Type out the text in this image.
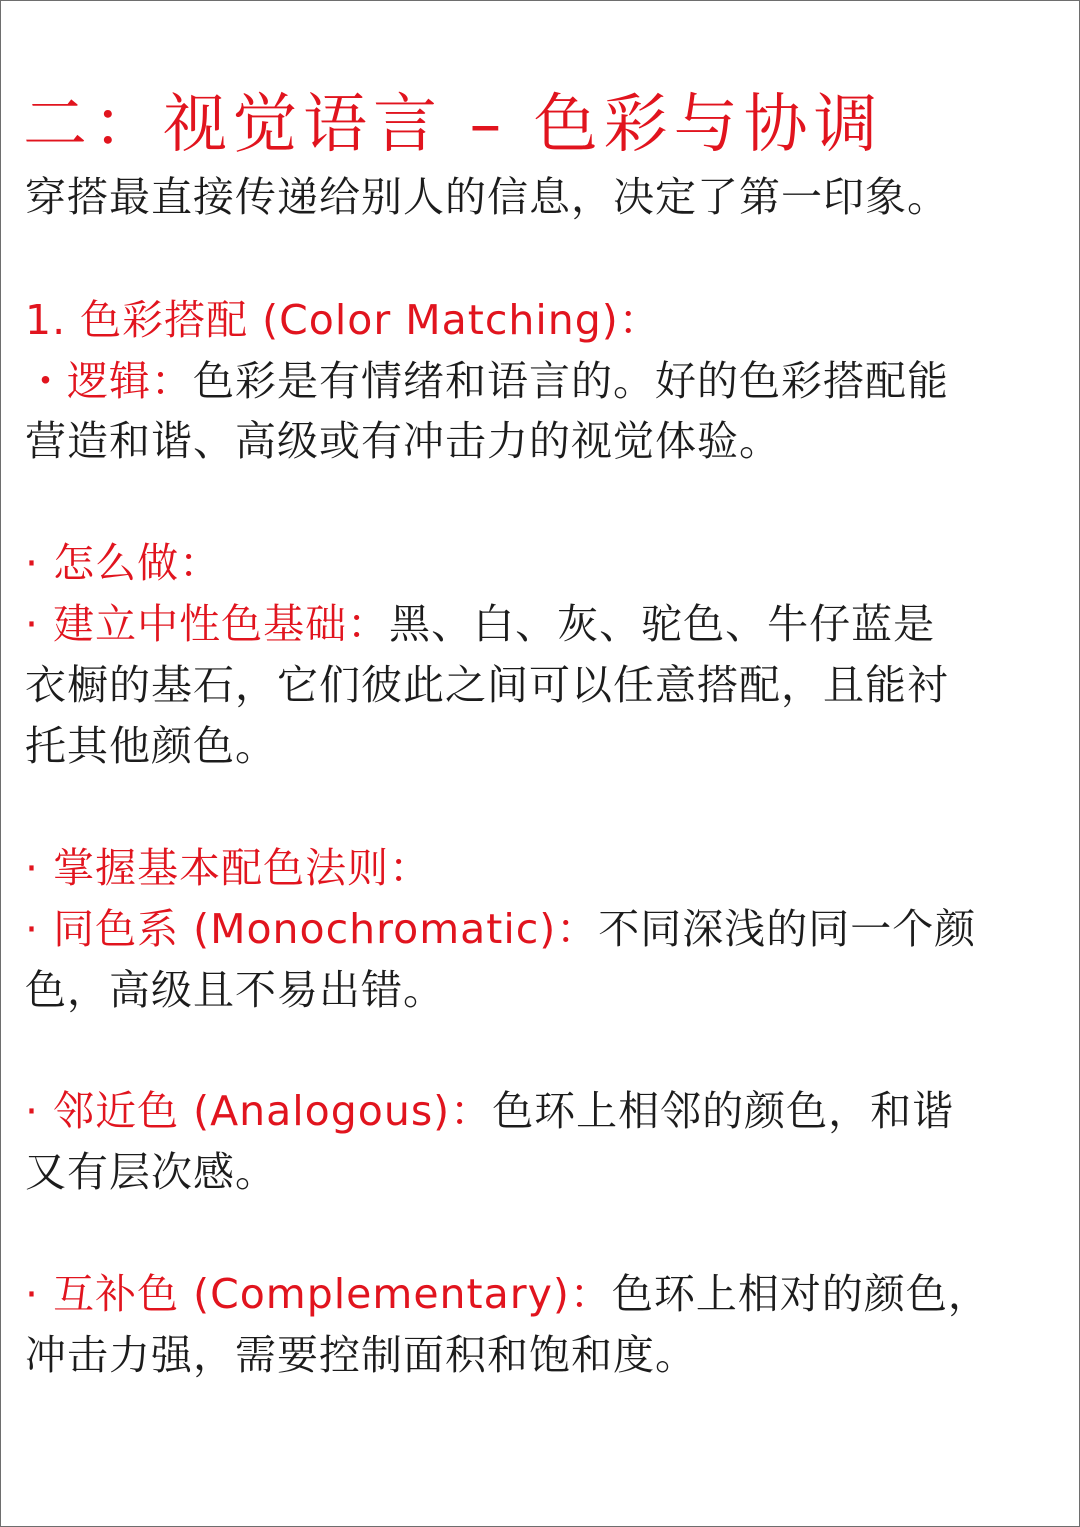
二：视觉语言 – 色彩与协调
穿搭最直接传递给别人的信息，决定了第一印象。
1. 色彩搭配 (Color Matching)：
・逻辑：色彩是有情绪和语言的。好的色彩搭配能
营造和谐、高级或有冲击力的视觉体验。
· 怎么做：
· 建立中性色基础：黑、白、灰、驼色、牛仔蓝是
衣橱的基石，它们彼此之间可以任意搭配，且能衬
托其他颜色。
· 掌握基本配色法则：
· 同色系 (Monochromatic)：不同深浅的同一个颜
色，高级且不易出错。
· 邻近色 (Analogous)：色环上相邻的颜色，和谐
又有层次感。
· 互补色 (Complementary)：色环上相对的颜色，
冲击力强，需要控制面积和饱和度。
